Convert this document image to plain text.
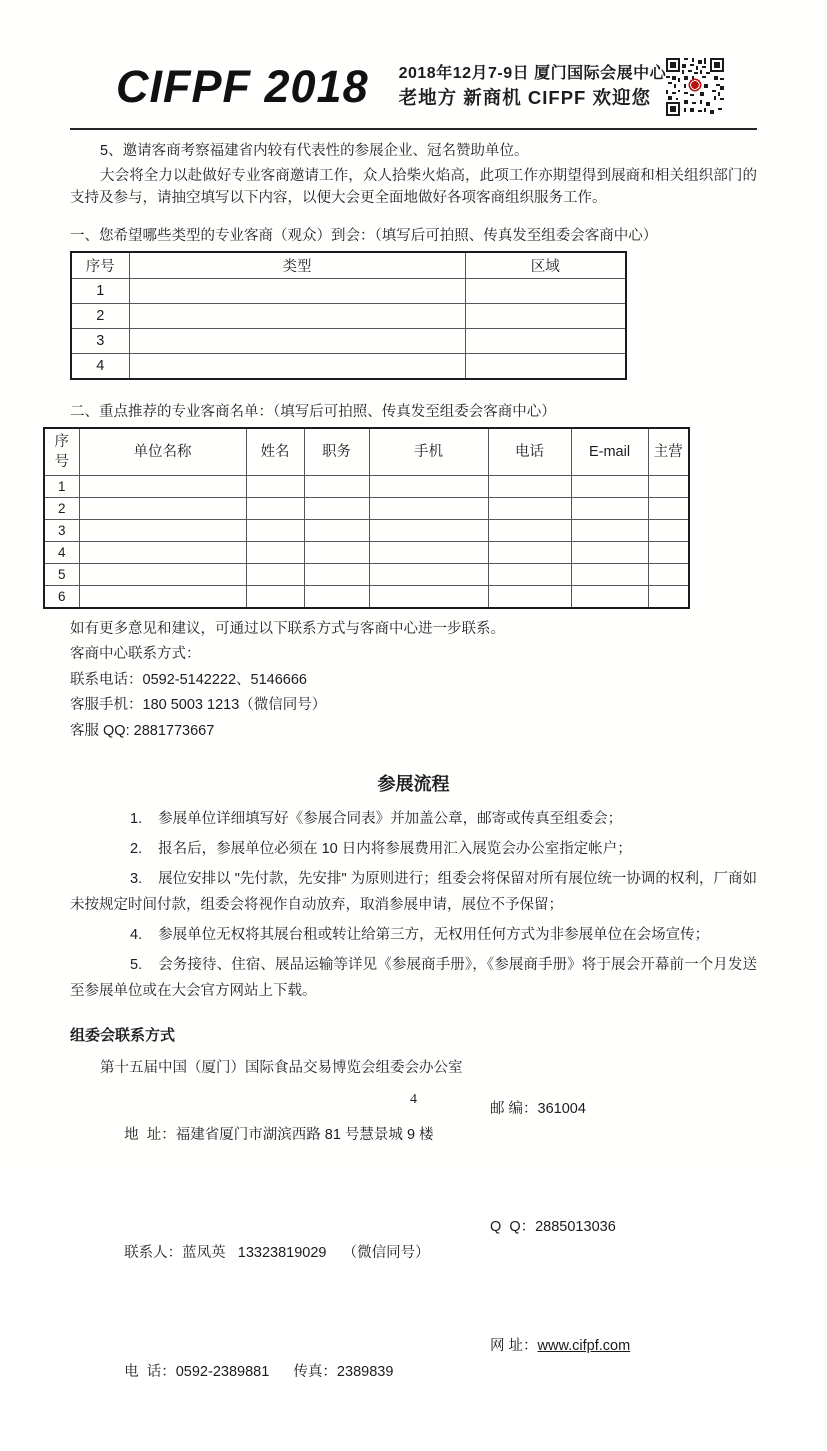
CIFPF 2018 2018年12月7-9日 厦门国际会展中心
老地方 新商机 CIFPF 欢迎您

5、邀请客商考察福建省内较有代表性的参展企业、冠名赞助单位。

大会将全力以赴做好专业客商邀请工作，众人拾柴火焰高，此项工作亦期望得到展商和相关组织部门的支持及参与，请抽空填写以下内容，以便大会更全面地做好各项客商组织服务工作。

一、您希望哪些类型的专业客商（观众）到会：（填写后可拍照、传真发至组委会客商中心）

序号	类型	区域
1		
2		
3		
4		

二、重点推荐的专业客商名单：（填写后可拍照、传真发至组委会客商中心）

序号	单位名称	姓名	职务	手机	电话	E-mail	主营
1							
2							
3							
4							
5							
6							

如有更多意见和建议，可通过以下联系方式与客商中心进一步联系。

客商中心联系方式：

联系电话：0592-5142222、5146666

客服手机：180 5003 1213（微信同号）

客服 QQ: 2881773667

参展流程

1. 参展单位详细填写好《参展合同表》并加盖公章，邮寄或传真至组委会；

2. 报名后，参展单位必须在 10 日内将参展费用汇入展览会办公室指定帐户；

3. 展位安排以 "先付款，先安排" 为原则进行；组委会将保留对所有展位统一协调的权利，厂商如未按规定时间付款，组委会将视作自动放弃，取消参展申请，展位不予保留；

4. 参展单位无权将其展台租或转让给第三方，无权用任何方式为非参展单位在会场宣传；

5. 会务接待、住宿、展品运输等详见《参展商手册》，《参展商手册》将于展会开幕前一个月发送至参展单位或在大会官方网站上下载。

组委会联系方式

第十五届中国（厦门）国际食品交易博览会组委会办公室

地  址：福建省厦门市湖滨西路 81 号慧景城 9 楼

邮 编：361004

联系人：蓝凤英   13323819029    （微信同号）

Q  Q：2885013036

电  话：0592-2389881      传真：2389839

网 址：www.cifpf.com

4
